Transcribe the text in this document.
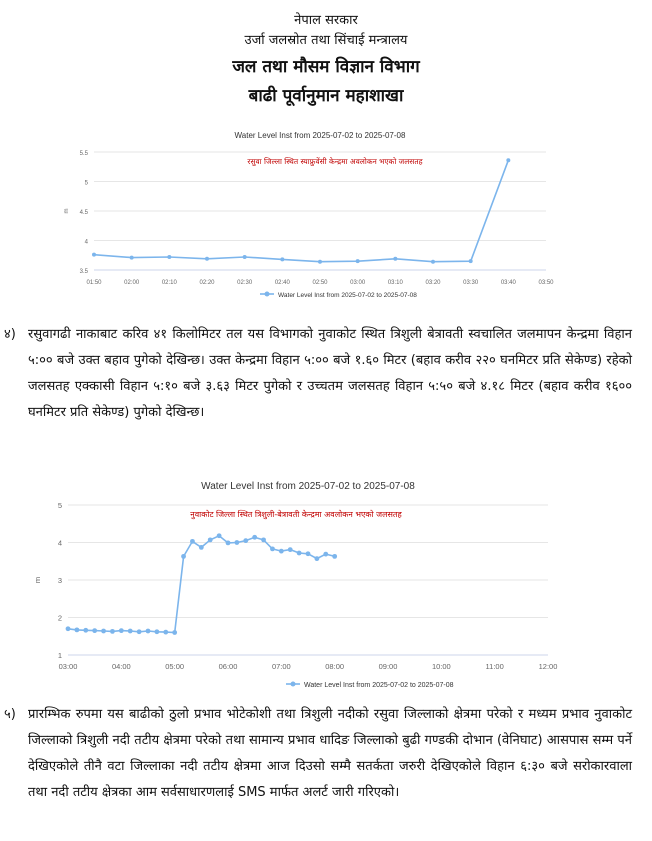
नेपाल सरकार
उर्जा जलस्रोत तथा सिंचाई मन्त्रालय
जल तथा मौसम विज्ञान विभाग
बाढी पूर्वानुमान महाशाखा
Water Level Inst from 2025-07-02 to 2025-07-08
3.5
4
4.5
5
5.5
m
01:50	02:00	02:10	02:20	02:30	02:40	02:50	03:00	03:10	03:20	03:30	03:40	03:50
रसुवा जिल्ला स्थित स्याफ्रुवेंसी केन्द्रमा अवलोकन भएको जलसतह
Water Level Inst from 2025-07-02 to 2025-07-08
४) रसुवागढी नाकाबाट करिव ४१ किलोमिटर तल यस विभागको नुवाकोट स्थित त्रिशुली बेत्रावती स्वचालित जलमापन केन्द्रमा विहान ५:०० बजे उक्त बहाव पुगेको देखिन्छ। उक्त केन्द्रमा विहान ५:०० बजे १.६० मिटर (बहाव करीव २२० घनमिटर प्रति सेकेण्ड) रहेको जलसतह एक्कासी विहान ५:१० बजे ३.६३ मिटर पुगेको र उच्चतम जलसतह विहान ५:५० बजे ४.१८ मिटर (बहाव करीव १६०० घनमिटर प्रति सेकेण्ड) पुगेको देखिन्छ।
Water Level Inst from 2025-07-02 to 2025-07-08
1
2
3
4
5
m
03:00	04:00	05:00	06:00	07:00	08:00	09:00	10:00	11:00	12:00
नुवाकोट जिल्ला स्थित त्रिशुली-बेत्रावती केन्द्रमा अवलोकन भएको जलसतह
Water Level Inst from 2025-07-02 to 2025-07-08
५) प्रारम्भिक रुपमा यस बाढीको ठुलो प्रभाव भोटेकोशी तथा त्रिशुली नदीको रसुवा जिल्लाको क्षेत्रमा परेको र मध्यम प्रभाव नुवाकोट जिल्लाको त्रिशुली नदी तटीय क्षेत्रमा परेको तथा सामान्य प्रभाव धादिङ जिल्लाको बुढी गण्डकी दोभान (वेनिघाट) आसपास सम्म पर्ने देखिएकोले तीनै वटा जिल्लाका नदी तटीय क्षेत्रमा आज दिउसो सम्मै सतर्कता जरुरी देखिएकोले विहान ६:३० बजे सरोकारवाला तथा नदी तटीय क्षेत्रका आम सर्वसाधारणलाई SMS मार्फत अलर्ट जारी गरिएको।
